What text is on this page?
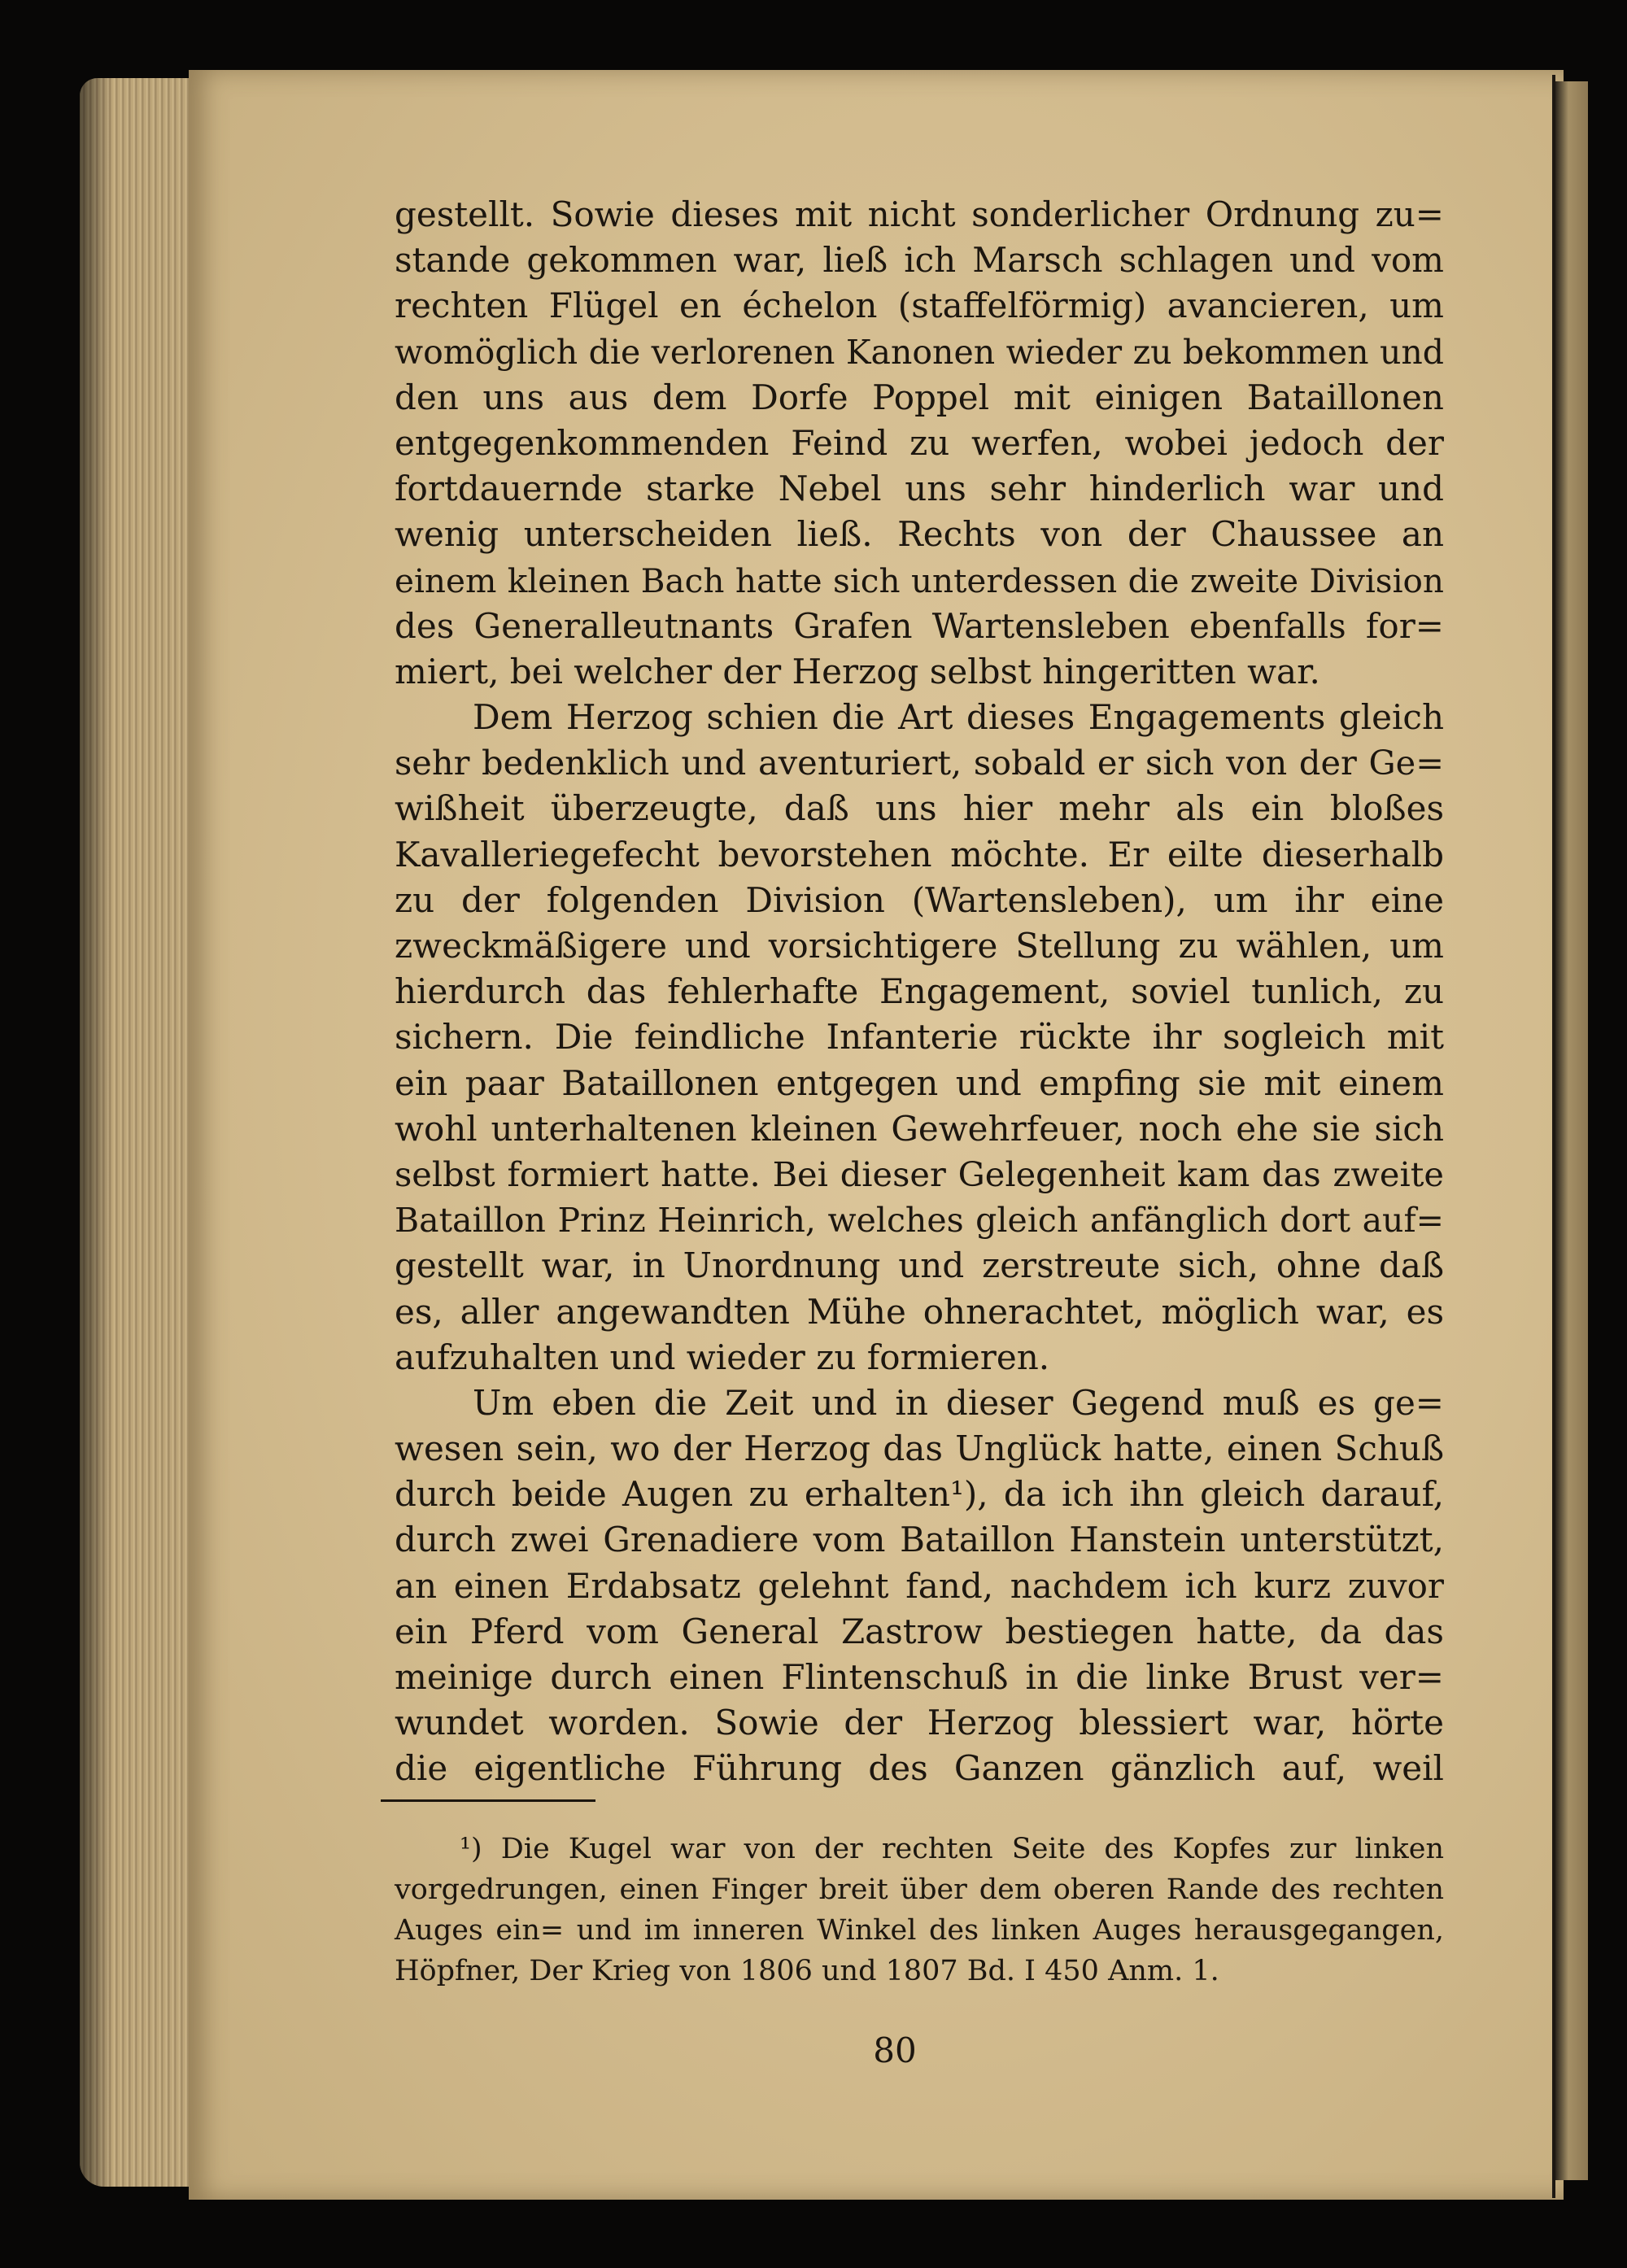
gestellt. Sowie dieses mit nicht sonderlicher Ordnung zu=
stande gekommen war, ließ ich Marsch schlagen und vom
rechten Flügel en échelon (staffelförmig) avancieren, um
womöglich die verlorenen Kanonen wieder zu bekommen und
den uns aus dem Dorfe Poppel mit einigen Bataillonen
entgegenkommenden Feind zu werfen, wobei jedoch der
fortdauernde starke Nebel uns sehr hinderlich war und
wenig unterscheiden ließ. Rechts von der Chaussee an
einem kleinen Bach hatte sich unterdessen die zweite Division
des Generalleutnants Grafen Wartensleben ebenfalls for=
miert, bei welcher der Herzog selbst hingeritten war.
Dem Herzog schien die Art dieses Engagements gleich
sehr bedenklich und aventuriert, sobald er sich von der Ge=
wißheit überzeugte, daß uns hier mehr als ein bloßes
Kavalleriegefecht bevorstehen möchte. Er eilte dieserhalb
zu der folgenden Division (Wartensleben), um ihr eine
zweckmäßigere und vorsichtigere Stellung zu wählen, um
hierdurch das fehlerhafte Engagement, soviel tunlich, zu
sichern. Die feindliche Infanterie rückte ihr sogleich mit
ein paar Bataillonen entgegen und empfing sie mit einem
wohl unterhaltenen kleinen Gewehrfeuer, noch ehe sie sich
selbst formiert hatte. Bei dieser Gelegenheit kam das zweite
Bataillon Prinz Heinrich, welches gleich anfänglich dort auf=
gestellt war, in Unordnung und zerstreute sich, ohne daß
es, aller angewandten Mühe ohnerachtet, möglich war, es
aufzuhalten und wieder zu formieren.
Um eben die Zeit und in dieser Gegend muß es ge=
wesen sein, wo der Herzog das Unglück hatte, einen Schuß
durch beide Augen zu erhalten¹), da ich ihn gleich darauf,
durch zwei Grenadiere vom Bataillon Hanstein unterstützt,
an einen Erdabsatz gelehnt fand, nachdem ich kurz zuvor
ein Pferd vom General Zastrow bestiegen hatte, da das
meinige durch einen Flintenschuß in die linke Brust ver=
wundet worden. Sowie der Herzog blessiert war, hörte
die eigentliche Führung des Ganzen gänzlich auf, weil
¹) Die Kugel war von der rechten Seite des Kopfes zur linken
vorgedrungen, einen Finger breit über dem oberen Rande des rechten
Auges ein= und im inneren Winkel des linken Auges herausgegangen,
Höpfner, Der Krieg von 1806 und 1807 Bd. I 450 Anm. 1.
80
